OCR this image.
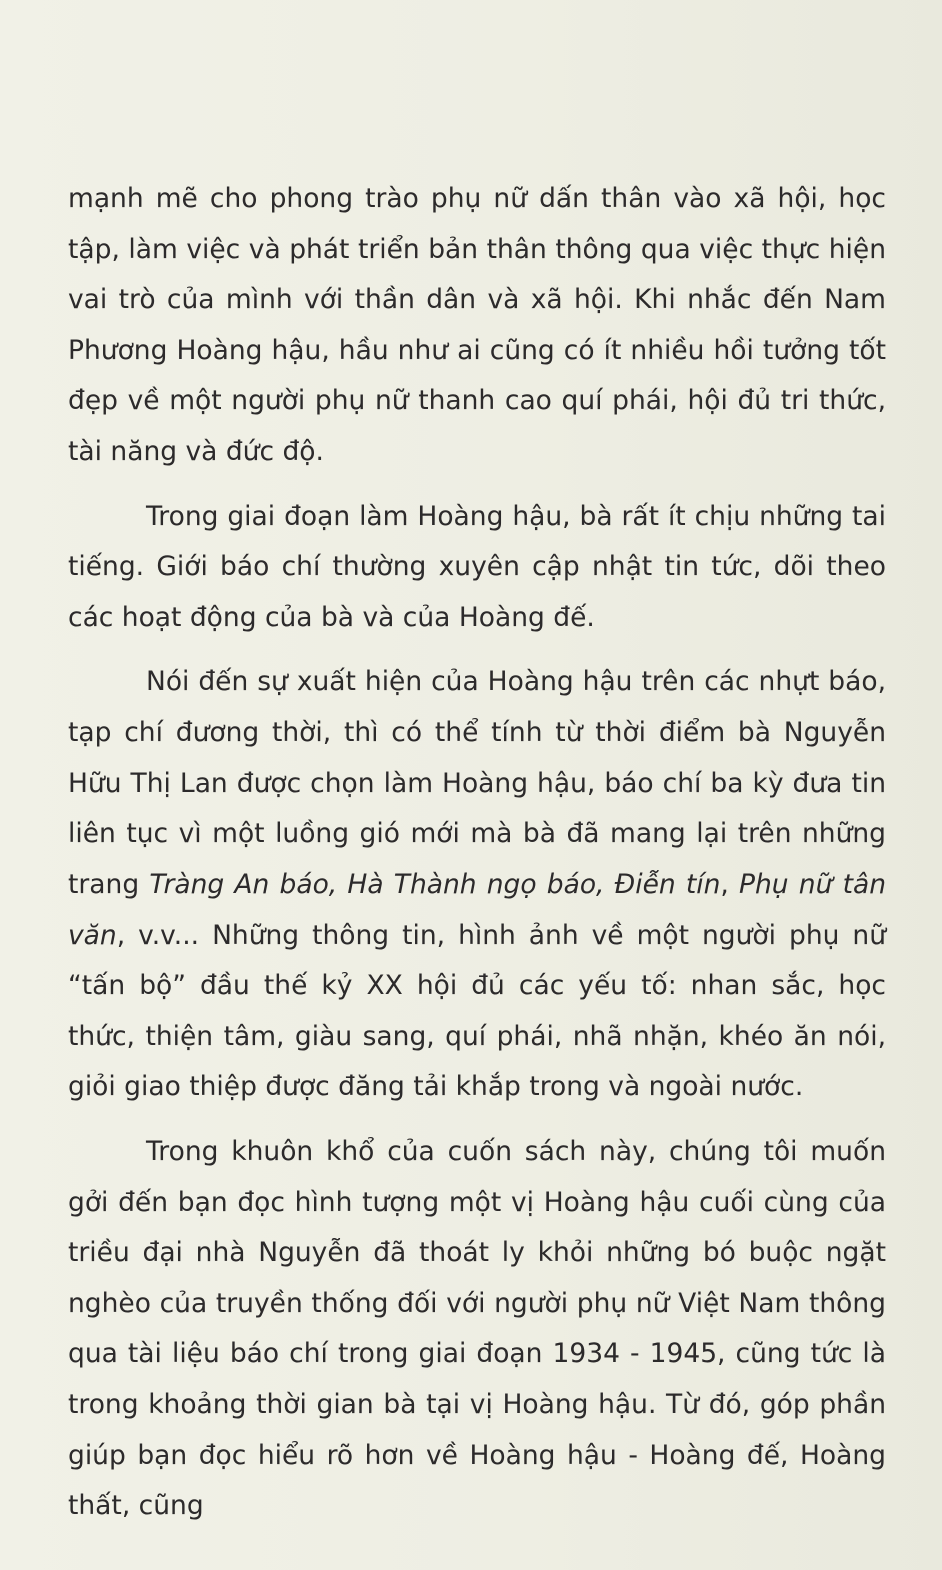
mạnh mẽ cho phong trào phụ nữ dấn thân vào xã hội, học tập, làm việc và phát triển bản thân thông qua việc thực hiện vai trò của mình với thần dân và xã hội. Khi nhắc đến Nam Phương Hoàng hậu, hầu như ai cũng có ít nhiều hồi tưởng tốt đẹp về một người phụ nữ thanh cao quí phái, hội đủ tri thức, tài năng và đức độ.

Trong giai đoạn làm Hoàng hậu, bà rất ít chịu những tai tiếng. Giới báo chí thường xuyên cập nhật tin tức, dõi theo các hoạt động của bà và của Hoàng đế.

Nói đến sự xuất hiện của Hoàng hậu trên các nhựt báo, tạp chí đương thời, thì có thể tính từ thời điểm bà Nguyễn Hữu Thị Lan được chọn làm Hoàng hậu, báo chí ba kỳ đưa tin liên tục vì một luồng gió mới mà bà đã mang lại trên những trang Tràng An báo, Hà Thành ngọ báo, Điễn tín, Phụ nữ tân văn, v.v... Những thông tin, hình ảnh về một người phụ nữ “tấn bộ” đầu thế kỷ XX hội đủ các yếu tố: nhan sắc, học thức, thiện tâm, giàu sang, quí phái, nhã nhặn, khéo ăn nói, giỏi giao thiệp được đăng tải khắp trong và ngoài nước.

Trong khuôn khổ của cuốn sách này, chúng tôi muốn gởi đến bạn đọc hình tượng một vị Hoàng hậu cuối cùng của triều đại nhà Nguyễn đã thoát ly khỏi những bó buộc ngặt nghèo của truyền thống đối với người phụ nữ Việt Nam thông qua tài liệu báo chí trong giai đoạn 1934 - 1945, cũng tức là trong khoảng thời gian bà tại vị Hoàng hậu. Từ đó, góp phần giúp bạn đọc hiểu rõ hơn về Hoàng hậu - Hoàng đế, Hoàng thất, cũng
